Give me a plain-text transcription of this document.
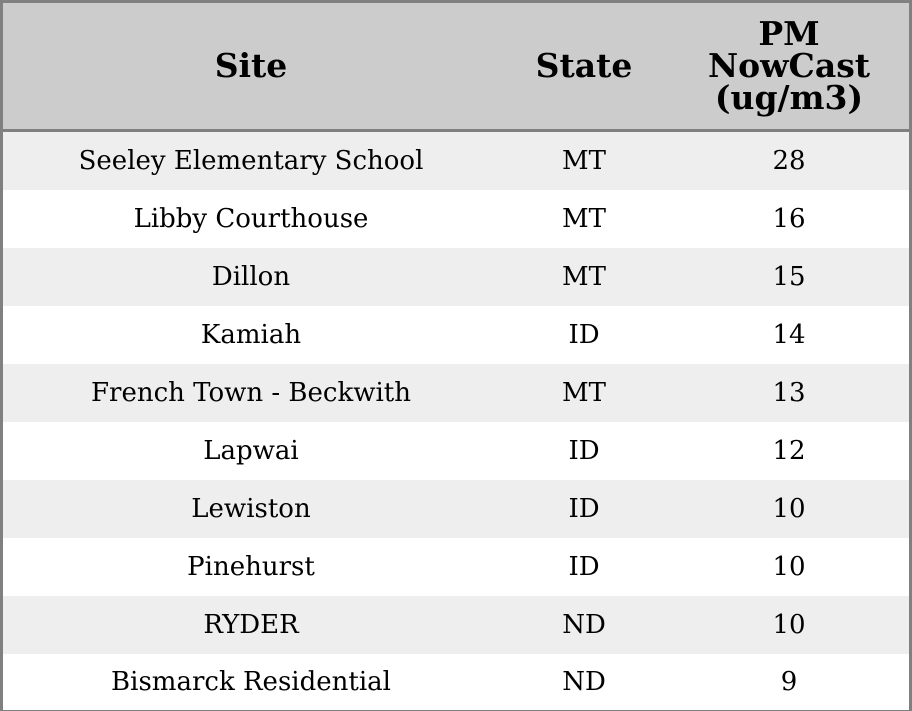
Site	State	PM
NowCast
(ug/m3)
Seeley Elementary School	MT	28
Libby Courthouse	MT	16
Dillon	MT	15
Kamiah	ID	14
French Town - Beckwith	MT	13
Lapwai	ID	12
Lewiston	ID	10
Pinehurst	ID	10
RYDER	ND	10
Bismarck Residential	ND	9
